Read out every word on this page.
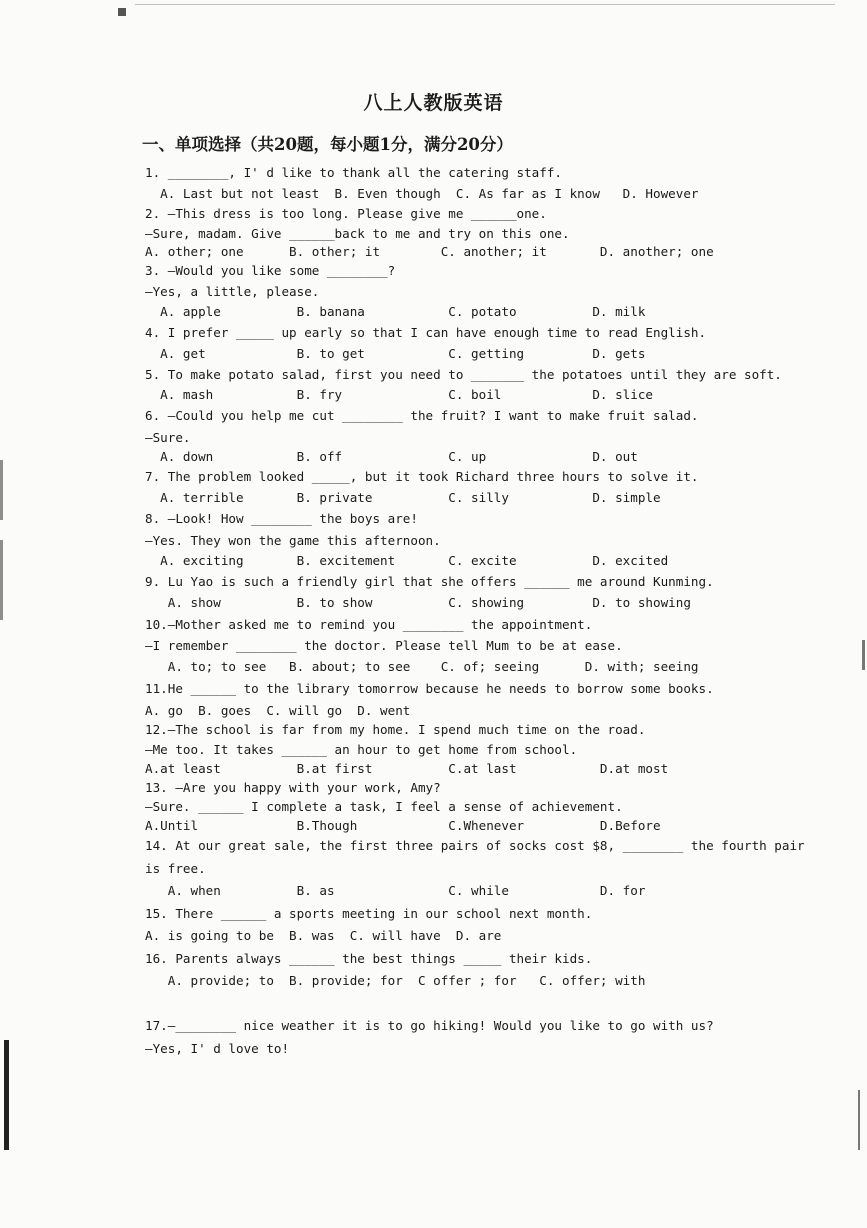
八上人教版英语
一、单项选择（共20题，每小题1分，满分20分）
1. ________, I' d like to thank all the catering staff.
A. Last but not least  B. Even though  C. As far as I know   D. However
2. —This dress is too long. Please give me ______one.
—Sure, madam. Give ______back to me and try on this one.
A. other; one      B. other; it        C. another; it       D. another; one
3. —Would you like some ________?
—Yes, a little, please.
A. apple          B. banana           C. potato          D. milk
4. I prefer _____ up early so that I can have enough time to read English.
A. get            B. to get           C. getting         D. gets
5. To make potato salad, first you need to _______ the potatoes until they are soft.
A. mash           B. fry              C. boil            D. slice
6. —Could you help me cut ________ the fruit? I want to make fruit salad.
—Sure.
A. down           B. off              C. up              D. out
7. The problem looked _____, but it took Richard three hours to solve it.
A. terrible       B. private          C. silly           D. simple
8. —Look! How ________ the boys are!
—Yes. They won the game this afternoon.
A. exciting       B. excitement       C. excite          D. excited
9. Lu Yao is such a friendly girl that she offers ______ me around Kunming.
A. show          B. to show          C. showing         D. to showing
10.—Mother asked me to remind you ________ the appointment.
—I remember ________ the doctor. Please tell Mum to be at ease.
A. to; to see   B. about; to see    C. of; seeing      D. with; seeing
11.He ______ to the library tomorrow because he needs to borrow some books.
A. go  B. goes  C. will go  D. went
12.—The school is far from my home. I spend much time on the road.
—Me too. It takes ______ an hour to get home from school.
A.at least          B.at first          C.at last           D.at most
13. —Are you happy with your work, Amy?
—Sure. ______ I complete a task, I feel a sense of achievement.
A.Until             B.Though            C.Whenever          D.Before
14. At our great sale, the first three pairs of socks cost $8, ________ the fourth pair
is free.
A. when          B. as               C. while            D. for
15. There ______ a sports meeting in our school next month.
A. is going to be  B. was  C. will have  D. are
16. Parents always ______ the best things _____ their kids.
A. provide; to  B. provide; for  C offer ; for   C. offer; with
17.—________ nice weather it is to go hiking! Would you like to go with us?
—Yes, I' d love to!
